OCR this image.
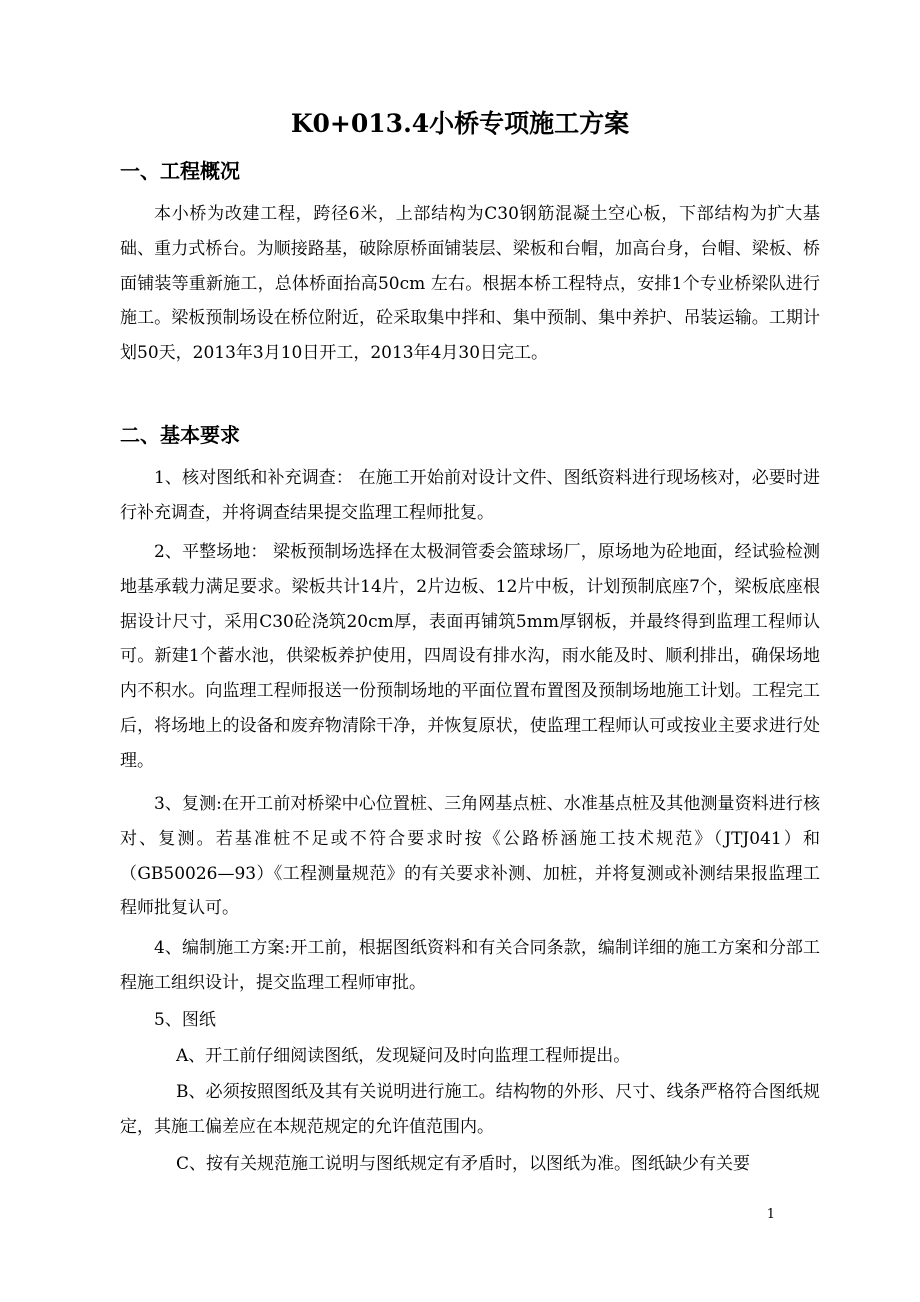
K0+013.4小桥专项施工方案
一、工程概况

本小桥为改建工程，跨径6米，上部结构为C30钢筋混凝土空心板，下部结构为扩大基础、重力式桥台。为顺接路基，破除原桥面铺装层、梁板和台帽，加高台身，台帽、梁板、桥面铺装等重新施工，总体桥面抬高50cm 左右。根据本桥工程特点，安排1个专业桥梁队进行施工。梁板预制场设在桥位附近，砼采取集中拌和、集中预制、集中养护、吊装运输。工期计划50天，2013年3月10日开工，2013年4月30日完工。

二、基本要求

1、核对图纸和补充调查： 在施工开始前对设计文件、图纸资料进行现场核对，必要时进行补充调查，并将调查结果提交监理工程师批复。

2、平整场地： 梁板预制场选择在太极洞管委会篮球场厂，原场地为砼地面，经试验检测地基承载力满足要求。梁板共计14片，2片边板、12片中板，计划预制底座7个，梁板底座根据设计尺寸，采用C30砼浇筑20cm厚，表面再铺筑5mm厚钢板，并最终得到监理工程师认可。新建1个蓄水池，供梁板养护使用，四周设有排水沟，雨水能及时、顺利排出，确保场地内不积水。向监理工程师报送一份预制场地的平面位置布置图及预制场地施工计划。工程完工后，将场地上的设备和废弃物清除干净，并恢复原状，使监理工程师认可或按业主要求进行处理。

3、复测:在开工前对桥梁中心位置桩、三角网基点桩、水准基点桩及其他测量资料进行核对、复测。若基准桩不足或不符合要求时按《公路桥涵施工技术规范》（JTJ041）和（GB50026—93）《工程测量规范》的有关要求补测、加桩，并将复测或补测结果报监理工程师批复认可。

4、编制施工方案:开工前，根据图纸资料和有关合同条款，编制详细的施工方案和分部工程施工组织设计，提交监理工程师审批。

5、图纸

A、开工前仔细阅读图纸，发现疑问及时向监理工程师提出。

B、必须按照图纸及其有关说明进行施工。结构物的外形、尺寸、线条严格符合图纸规定，其施工偏差应在本规范规定的允许值范围内。

C、按有关规范施工说明与图纸规定有矛盾时，以图纸为准。图纸缺少有关要

1
